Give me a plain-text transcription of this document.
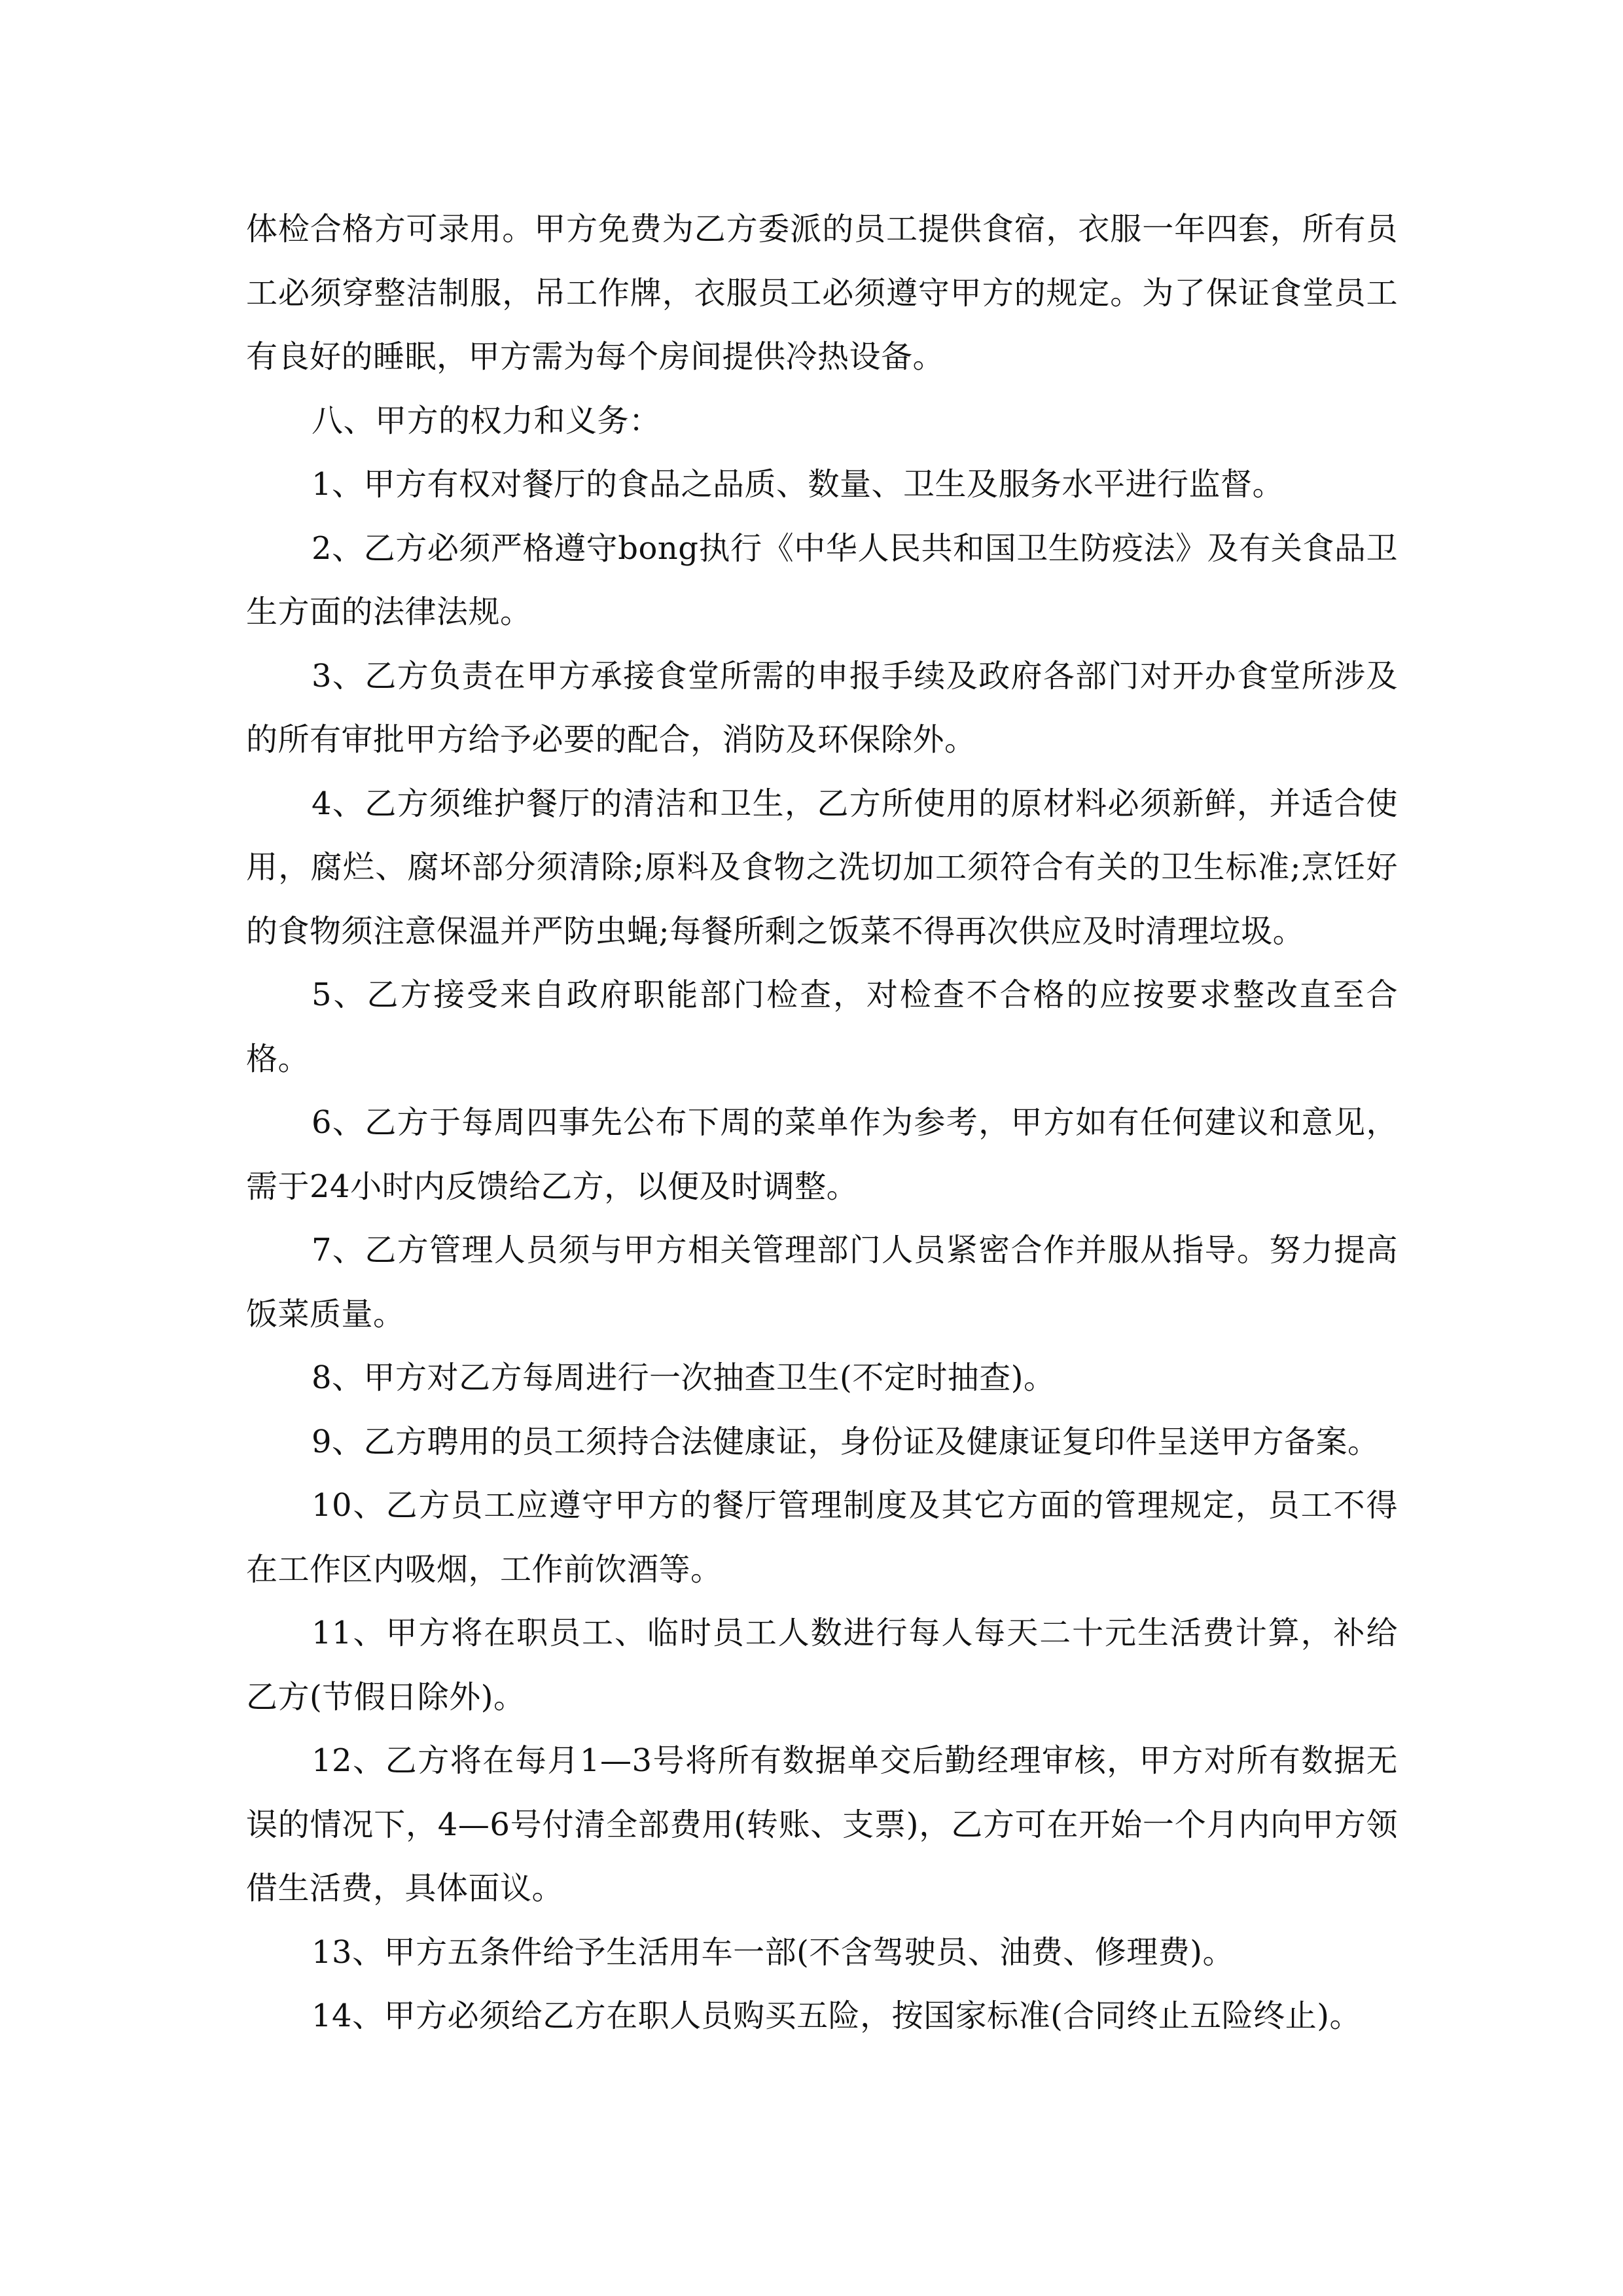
体检合格方可录用。甲方免费为乙方委派的员工提供食宿，衣服一年四套，所有员工必须穿整洁制服，吊工作牌，衣服员工必须遵守甲方的规定。为了保证食堂员工有良好的睡眠，甲方需为每个房间提供冷热设备。

八、甲方的权力和义务：

1、甲方有权对餐厅的食品之品质、数量、卫生及服务水平进行监督。

2、乙方必须严格遵守bong执行《中华人民共和国卫生防疫法》及有关食品卫生方面的法律法规。

3、乙方负责在甲方承接食堂所需的申报手续及政府各部门对开办食堂所涉及的所有审批甲方给予必要的配合，消防及环保除外。

4、乙方须维护餐厅的清洁和卫生，乙方所使用的原材料必须新鲜，并适合使用，腐烂、腐坏部分须清除;原料及食物之洗切加工须符合有关的卫生标准;烹饪好的食物须注意保温并严防虫蝇;每餐所剩之饭菜不得再次供应及时清理垃圾。

5、乙方接受来自政府职能部门检查，对检查不合格的应按要求整改直至合格。

6、乙方于每周四事先公布下周的菜单作为参考，甲方如有任何建议和意见，需于24小时内反馈给乙方，以便及时调整。

7、乙方管理人员须与甲方相关管理部门人员紧密合作并服从指导。努力提高饭菜质量。

8、甲方对乙方每周进行一次抽查卫生(不定时抽查)。

9、乙方聘用的员工须持合法健康证，身份证及健康证复印件呈送甲方备案。

10、乙方员工应遵守甲方的餐厅管理制度及其它方面的管理规定，员工不得在工作区内吸烟，工作前饮酒等。

11、甲方将在职员工、临时员工人数进行每人每天二十元生活费计算，补给乙方(节假日除外)。

12、乙方将在每月1—3号将所有数据单交后勤经理审核，甲方对所有数据无误的情况下，4—6号付清全部费用(转账、支票)，乙方可在开始一个月内向甲方领借生活费，具体面议。

13、甲方五条件给予生活用车一部(不含驾驶员、油费、修理费)。

14、甲方必须给乙方在职人员购买五险，按国家标准(合同终止五险终止)。
